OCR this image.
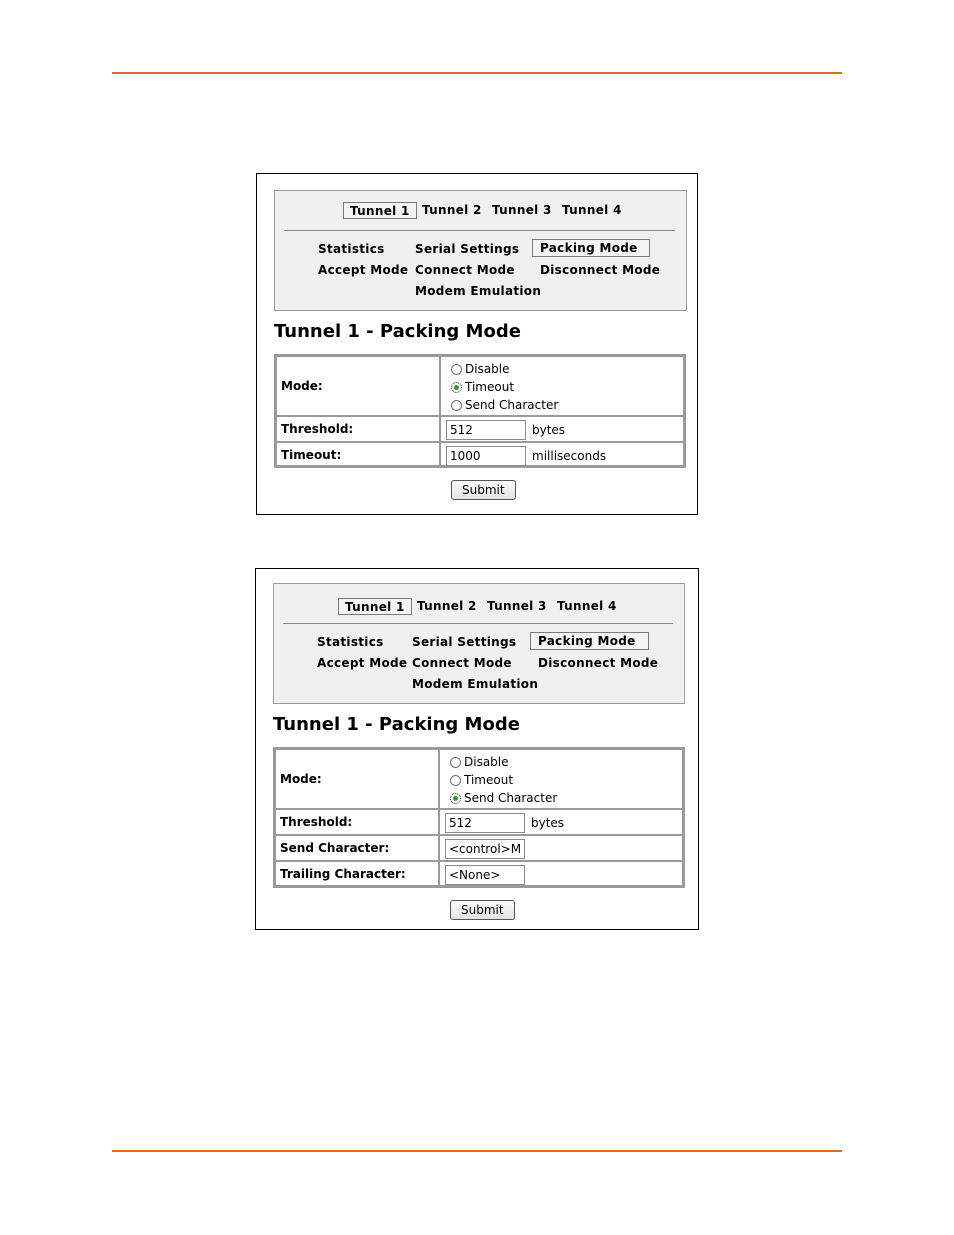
Tunnel 1	Tunnel 2 Tunnel 3 Tunnel 4
Statistics	Serial Settings	Packing Mode
Accept Mode Connect Mode Disconnect Mode
Modem Emulation
Tunnel 1 - Packing Mode
Mode:
Disable
Timeout
Send Character
Threshold:	512	bytes
Timeout:	1000	milliseconds
Submit
Tunnel 1	Tunnel 2 Tunnel 3 Tunnel 4
Statistics Serial Settings	Packing Mode
Accept Mode Connect Mode Disconnect Mode
Modem Emulation
Tunnel 1 - Packing Mode
Mode:
Disable
Timeout
Send Character
Threshold:	512	bytes
Send Character:	<control>M
Trailing Character:	<None>
Submit
